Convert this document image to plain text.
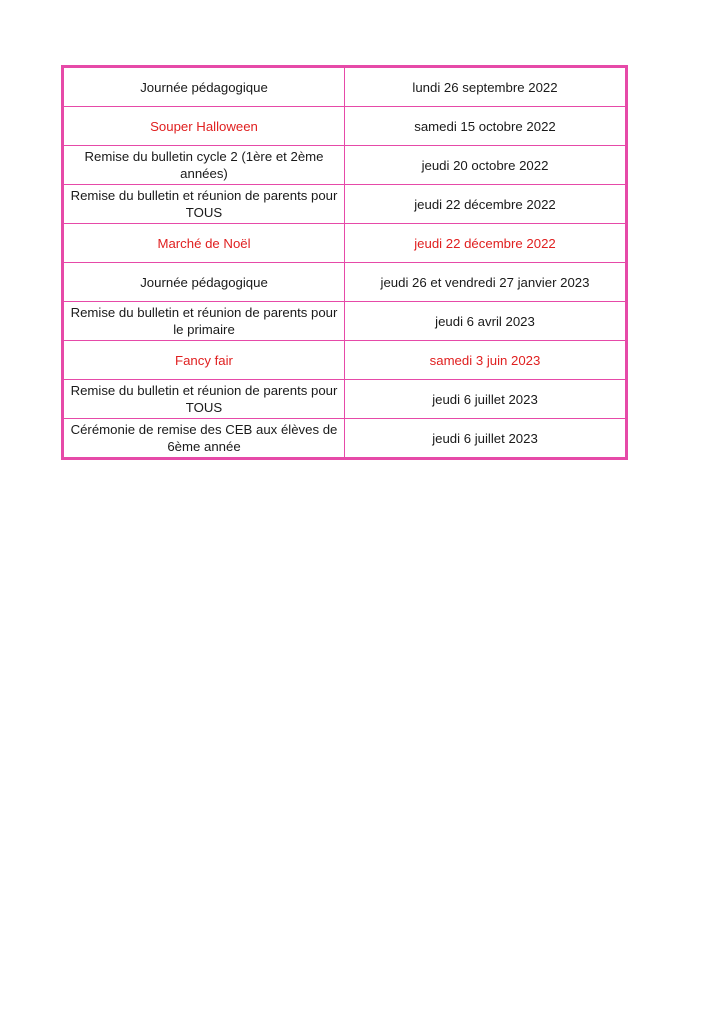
Journée pédagogique	lundi 26 septembre 2022
Souper Halloween	samedi 15 octobre 2022
Remise du bulletin cycle 2 (1ère et 2ème années)	jeudi 20 octobre 2022
Remise du bulletin et réunion de parents pour TOUS	jeudi 22 décembre 2022
Marché de Noël	jeudi 22 décembre 2022
Journée pédagogique	jeudi 26 et vendredi 27 janvier 2023
Remise du bulletin et réunion de parents pour le primaire	jeudi 6 avril 2023
Fancy fair	samedi 3 juin 2023
Remise du bulletin et réunion de parents pour TOUS	jeudi 6 juillet 2023
Cérémonie de remise des CEB aux élèves de 6ème année	jeudi 6 juillet 2023
